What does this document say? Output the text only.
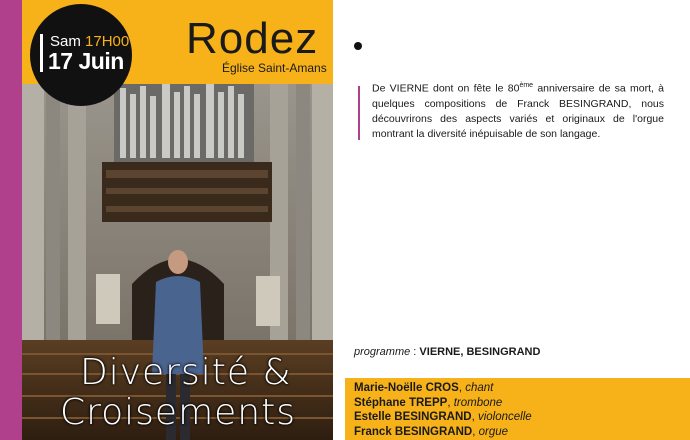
Sam 17H00
17 Juin Rodez
Église Saint-Amans
Diversité &
Croisements
De VIERNE dont on fête le 80ème anniversaire de sa mort, à quelques compositions de Franck BESINGRAND, nous découvrirons des aspects variés et originaux de l'orgue montrant la diversité inépuisable de son langage.
programme : VIERNE, BESINGRAND
Marie-Noëlle CROS, chant
Stéphane TREPP, trombone
Estelle BESINGRAND, violoncelle
Franck BESINGRAND, orgue
